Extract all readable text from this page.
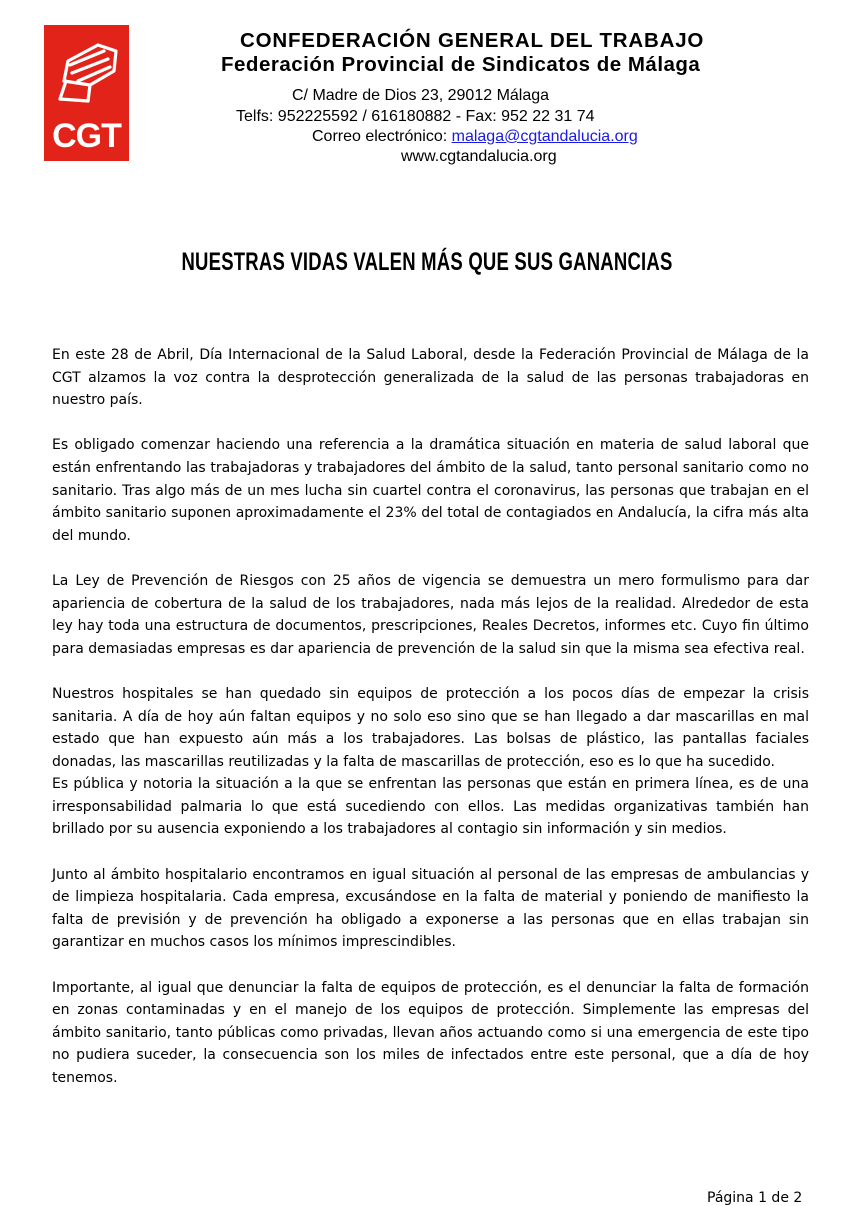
CGT
CONFEDERACIÓN GENERAL DEL TRABAJO
Federación Provincial de Sindicatos de Málaga
C/ Madre de Dios 23, 29012 Málaga
Telfs: 952225592 / 616180882 - Fax: 952 22 31 74
Correo electrónico: malaga@cgtandalucia.org
www.cgtandalucia.org
NUESTRAS VIDAS VALEN MÁS QUE SUS GANANCIAS

En este 28 de Abril, Día Internacional de la Salud Laboral, desde la Federación Provincial de Málaga de la CGT alzamos la voz contra la desprotección generalizada de la salud de las personas trabajadoras en nuestro país.

Es obligado comenzar haciendo una referencia a la dramática situación en materia de salud laboral que están enfrentando las trabajadoras y trabajadores del ámbito de la salud, tanto personal sanitario como no sanitario. Tras algo más de un mes lucha sin cuartel contra el coronavirus, las personas que trabajan en el ámbito sanitario suponen aproximadamente el 23% del total de contagiados en Andalucía, la cifra más alta del mundo.

La Ley de Prevención de Riesgos con 25 años de vigencia se demuestra un mero formulismo para dar apariencia de cobertura de la salud de los trabajadores, nada más lejos de la realidad. Alrededor de esta ley hay toda una estructura de documentos, prescripciones, Reales Decretos, informes etc. Cuyo fin último para demasiadas empresas es dar apariencia de prevención de la salud sin que la misma sea efectiva real.

Nuestros hospitales se han quedado sin equipos de protección a los pocos días de empezar la crisis sanitaria. A día de hoy aún faltan equipos y no solo eso sino que se han llegado a dar mascarillas en mal estado que han expuesto aún más a los trabajadores. Las bolsas de plástico, las pantallas faciales donadas, las mascarillas reutilizadas y la falta de mascarillas de protección, eso es lo que ha sucedido.

Es pública y notoria la situación a la que se enfrentan las personas que están en primera línea, es de una irresponsabilidad palmaria lo que está sucediendo con ellos. Las medidas organizativas también han brillado por su ausencia exponiendo a los trabajadores al contagio sin información y sin medios.

Junto al ámbito hospitalario encontramos en igual situación al personal de las empresas de ambulancias y de limpieza hospitalaria. Cada empresa, excusándose en la falta de material y poniendo de manifiesto la falta de previsión y de prevención ha obligado a exponerse a las personas que en ellas trabajan sin garantizar en muchos casos los mínimos imprescindibles.

Importante, al igual que denunciar la falta de equipos de protección, es el denunciar la falta de formación en zonas contaminadas y en el manejo de los equipos de protección. Simplemente las empresas del ámbito sanitario, tanto públicas como privadas, llevan años actuando como si una emergencia de este tipo no pudiera suceder, la consecuencia son los miles de infectados entre este personal, que a día de hoy tenemos.

Página 1 de 2
